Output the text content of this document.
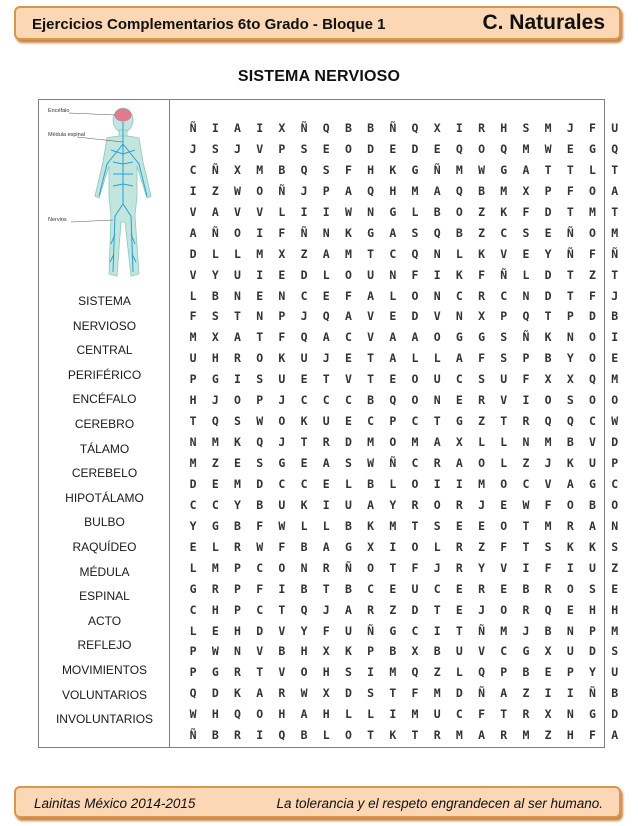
Ejercicios Complementarios 6to Grado - Bloque 1	C. Naturales
SISTEMA NERVIOSO
Encéfalo
Médula espinal
Nervios
SISTEMA
NERVIOSO
CENTRAL
PERIFÉRICO
ENCÉFALO
CEREBRO
TÁLAMO
CEREBELO
HIPOTÁLAMO
BULBO
RAQUÍDEO
MÉDULA
ESPINAL
ACTO
REFLEJO
MOVIMIENTOS
VOLUNTARIOS
INVOLUNTARIOS
Ñ	I	A	I	X	Ñ	Q	B	B	Ñ	Q	X	I	R	H	S	M	J	F	U
J	S	J	V	P	S	E	O	D	E	D	E	Q	O	Q	M	W	E	G	Q
C	Ñ	X	M	B	Q	S	F	H	K	G	Ñ	M	W	G	A	T	T	L	T
I	Z	W	O	Ñ	J	P	A	Q	H	M	A	Q	B	M	X	P	F	O	A
V	A	V	V	L	I	I	W	N	G	L	B	O	Z	K	F	D	T	M	T
A	Ñ	O	I	F	Ñ	N	K	G	A	S	Q	B	Z	C	S	E	Ñ	O	M
D	L	L	M	X	Z	A	M	T	C	Q	N	L	K	V	E	Y	Ñ	F	Ñ
V	Y	U	I	E	D	L	O	U	N	F	I	K	F	Ñ	L	D	T	Z	T
L	B	N	E	N	C	E	F	A	L	O	N	C	R	C	N	D	T	F	J
F	S	T	N	P	J	Q	A	V	E	D	V	N	X	P	Q	T	P	D	B
M	X	A	T	F	Q	A	C	V	A	A	O	G	G	S	Ñ	K	N	O	I
U	H	R	O	K	U	J	E	T	A	L	L	A	F	S	P	B	Y	O	E
P	G	I	S	U	E	T	V	T	E	O	U	C	S	U	F	X	X	Q	M
H	J	O	P	J	C	C	C	B	Q	O	N	E	R	V	I	O	S	O	O
T	Q	S	W	O	K	U	E	C	P	C	T	G	Z	T	R	Q	Q	C	W
N	M	K	Q	J	T	R	D	M	O	M	A	X	L	L	N	M	B	V	D
M	Z	E	S	G	E	A	S	W	Ñ	C	R	A	O	L	Z	J	K	U	P
D	E	M	D	C	C	E	L	B	L	O	I	I	M	O	C	V	A	G	C
C	C	Y	B	U	K	I	U	A	Y	R	O	R	J	E	W	F	O	B	O
Y	G	B	F	W	L	L	B	K	M	T	S	E	E	O	T	M	R	A	N
E	L	R	W	F	B	A	G	X	I	O	L	R	Z	F	T	S	K	K	S
L	M	P	C	O	N	R	Ñ	O	T	F	J	R	Y	V	I	F	I	U	Z
G	R	P	F	I	B	T	B	C	E	U	C	E	R	E	B	R	O	S	E
C	H	P	C	T	Q	J	A	R	Z	D	T	E	J	O	R	Q	E	H	H
L	E	H	D	V	Y	F	U	Ñ	G	C	I	T	Ñ	M	J	B	N	P	M
P	W	N	V	B	H	X	K	P	B	X	B	U	V	C	G	X	U	D	S
P	G	R	T	V	O	H	S	I	M	Q	Z	L	Q	P	B	E	P	Y	U
Q	D	K	A	R	W	X	D	S	T	F	M	D	Ñ	A	Z	I	I	Ñ	B
W	H	Q	O	H	A	H	L	L	I	M	U	C	F	T	R	X	N	G	D
Ñ	B	R	I	Q	B	L	O	T	K	T	R	M	A	R	M	Z	H	F	A
Lainitas México 2014-2015	La tolerancia y el respeto engrandecen al ser humano.
